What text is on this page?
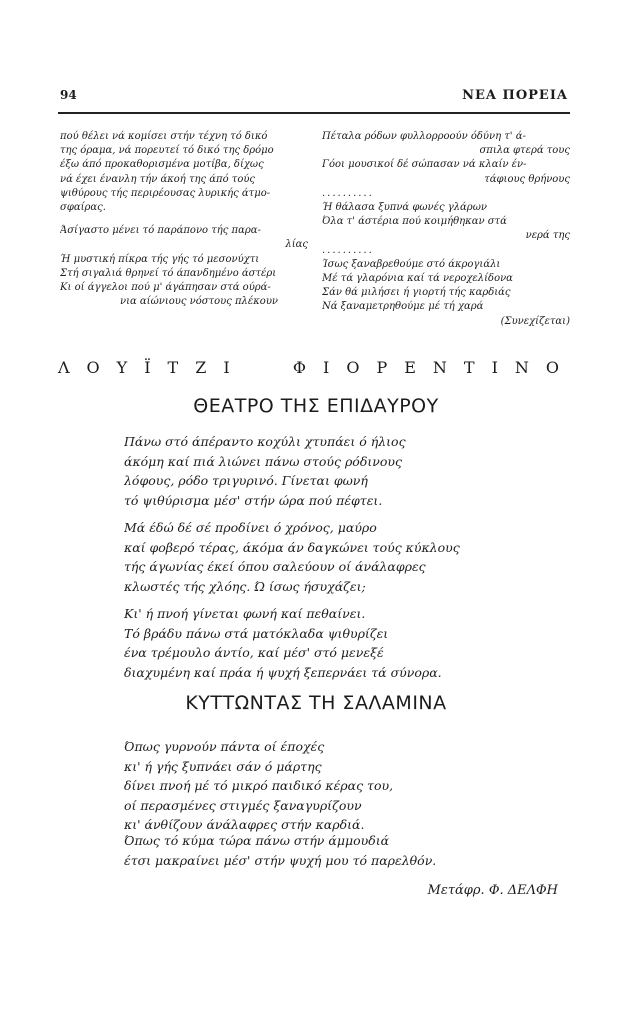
94	ΝΕΑ ΠΟΡΕΙΑ
πού θέλει νά κομίσει στήν τέχνη τό δικό
της όραμα, νά πορευτεί τό δικό της δρόμο
έξω άπό προκαθορισμένα μοτίβα, δίχως
νά έχει ένανλη τήν άκοή της άπό τούς
ψιθύρους τής περιρέουσας λυρικής άτμο-
σφαίρας.
Άσίγαστο μένει τό παράπονο τής παρα-
λίας
Ή μυστική πίκρα τής γής τό μεσονύχτι
Στή σιγαλιά θρηνεί τό άπανδημένο άστέρι
Κι οί άγγελοι πού μ' άγάπησαν στά ούρά-
νια αίώνιους νόστους πλέκουν
Πέταλα ρόδων φυλλορροούν όδύνη τ' ά-
σπιλα φτερά τους
Γόοι μουσικοί δέ σώπασαν νά κλαίν έν-
τάφιους θρήνους
..........
Ή θάλασα ξυπνά φωνές γλάρων
Όλα τ' άστέρια πού κοιμήθηκαν στά
νερά της
..........
Ίσως ξαναβρεθούμε στό άκρογιάλι
Μέ τά γλαρόνια καί τά νεροχελίδονα
Σάν θά μιλήσει ή γιορτή τής καρδιάς
Νά ξαναμετρηθούμε μέ τή χαρά
(Συνεχίζεται)
ΛΟΥΪΤΖΙ	ΦΙΟΡΕΝΤΙΝΟ
ΘΕΑΤΡΟ ΤΗΣ ΕΠΙΔΑΥΡΟΥ
Πάνω στό άπέραντο κοχύλι χτυπάει ό ήλιος
άκόμη καί πιά λιώνει πάνω στούς ρόδινους
λόφους, ρόδο τριγυρινό. Γίνεται φωνή
τό ψιθύρισμα μέσ' στήν ώρα πού πέφτει.
Μά έδώ δέ σέ προδίνει ό χρόνος, μαύρο
καί φοβερό τέρας, άκόμα άν δαγκώνει τούς κύκλους
τής άγωνίας έκεί όπου σαλεύουν οί άνάλαφρες
κλωστές τής χλόης. Ώ ίσως ήσυχάζει;
Κι' ή πνοή γίνεται φωνή καί πεθαίνει.
Τό βράδυ πάνω στά ματόκλαδα ψιθυρίζει
ένα τρέμουλο άντίο, καί μέσ' στό μενεξέ
διαχυμένη καί πράα ή ψυχή ξεπερνάει τά σύνορα.
ΚΥΤΤΩΝΤΑΣ ΤΗ ΣΑΛΑΜΙΝΑ
Όπως γυρνούν πάντα οί έποχές
κι' ή γής ξυπνάει σάν ό μάρτης
δίνει πνοή μέ τό μικρό παιδικό κέρας του,
οί περασμένες στιγμές ξαναγυρίζουν
κι' άνθίζουν άνάλαφρες στήν καρδιά.
Όπως τό κύμα τώρα πάνω στήν άμμουδιά
έτσι μακραίνει μέσ' στήν ψυχή μου τό παρελθόν.
Μετάφρ. Φ. ΔΕΛΦΗ
